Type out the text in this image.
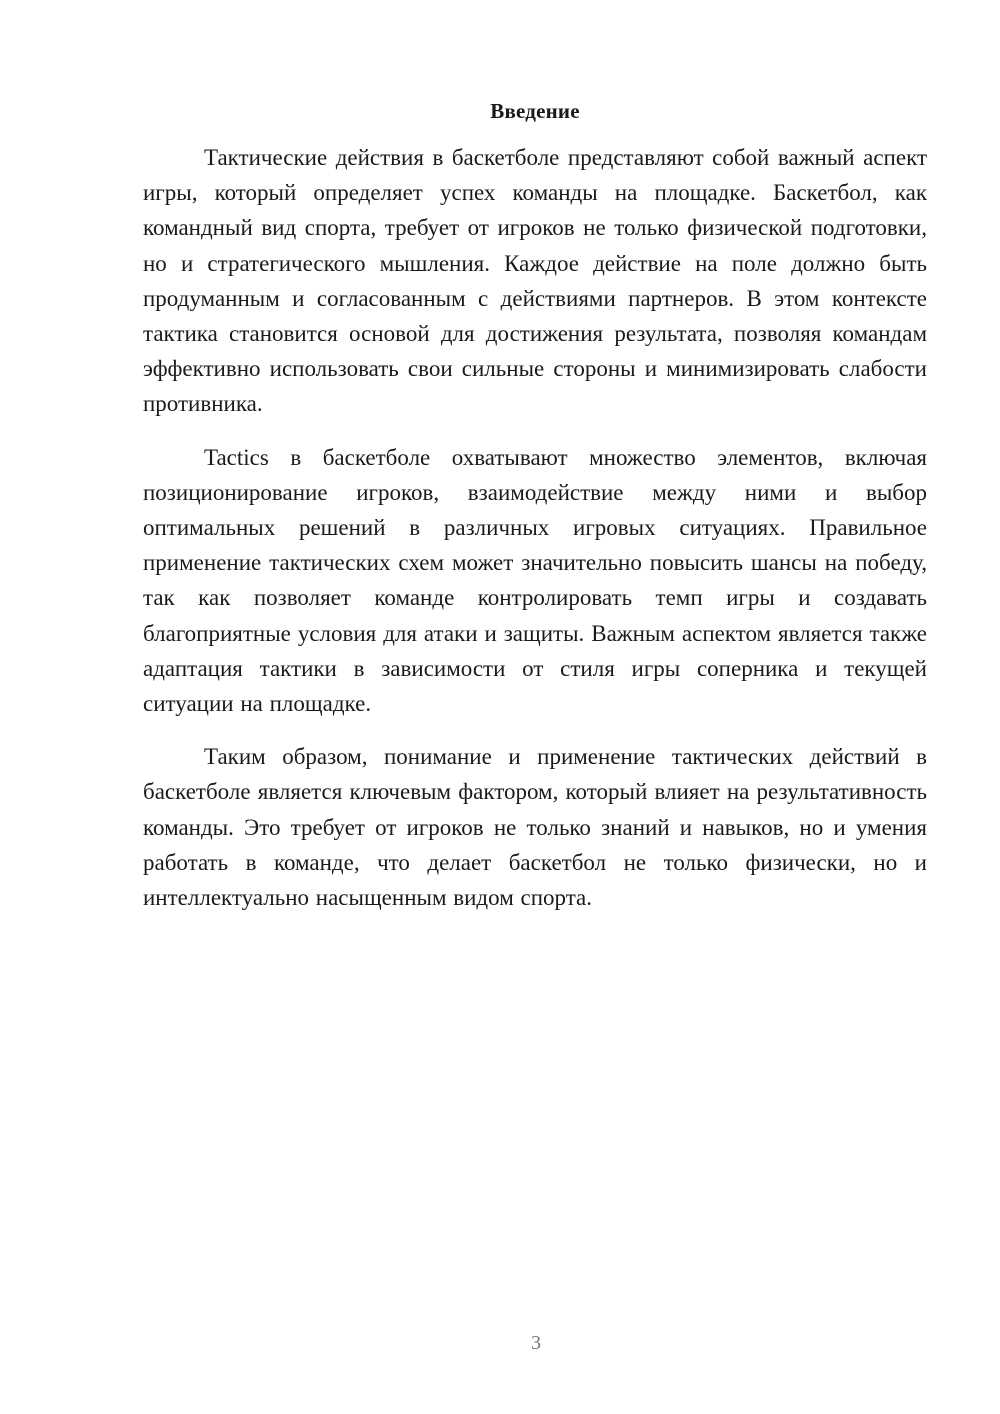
Введение

Тактические действия в баскетболе представляют собой важный аспект игры, который определяет успех команды на площадке. Баскетбол, как командный вид спорта, требует от игроков не только физической подготовки, но и стратегического мышления. Каждое действие на поле должно быть продуманным и согласованным с действиями партнеров. В этом контексте тактика становится основой для достижения результата, позволяя командам эффективно использовать свои сильные стороны и минимизировать слабости противника.

Tactics в баскетболе охватывают множество элементов, включая позиционирование игроков, взаимодействие между ними и выбор оптимальных решений в различных игровых ситуациях. Правильное применение тактических схем может значительно повысить шансы на победу, так как позволяет команде контролировать темп игры и создавать благоприятные условия для атаки и защиты. Важным аспектом является также адаптация тактики в зависимости от стиля игры соперника и текущей ситуации на площадке.

Таким образом, понимание и применение тактических действий в баскетболе является ключевым фактором, который влияет на результативность команды. Это требует от игроков не только знаний и навыков, но и умения работать в команде, что делает баскетбол не только физически, но и интеллектуально насыщенным видом спорта.

3
